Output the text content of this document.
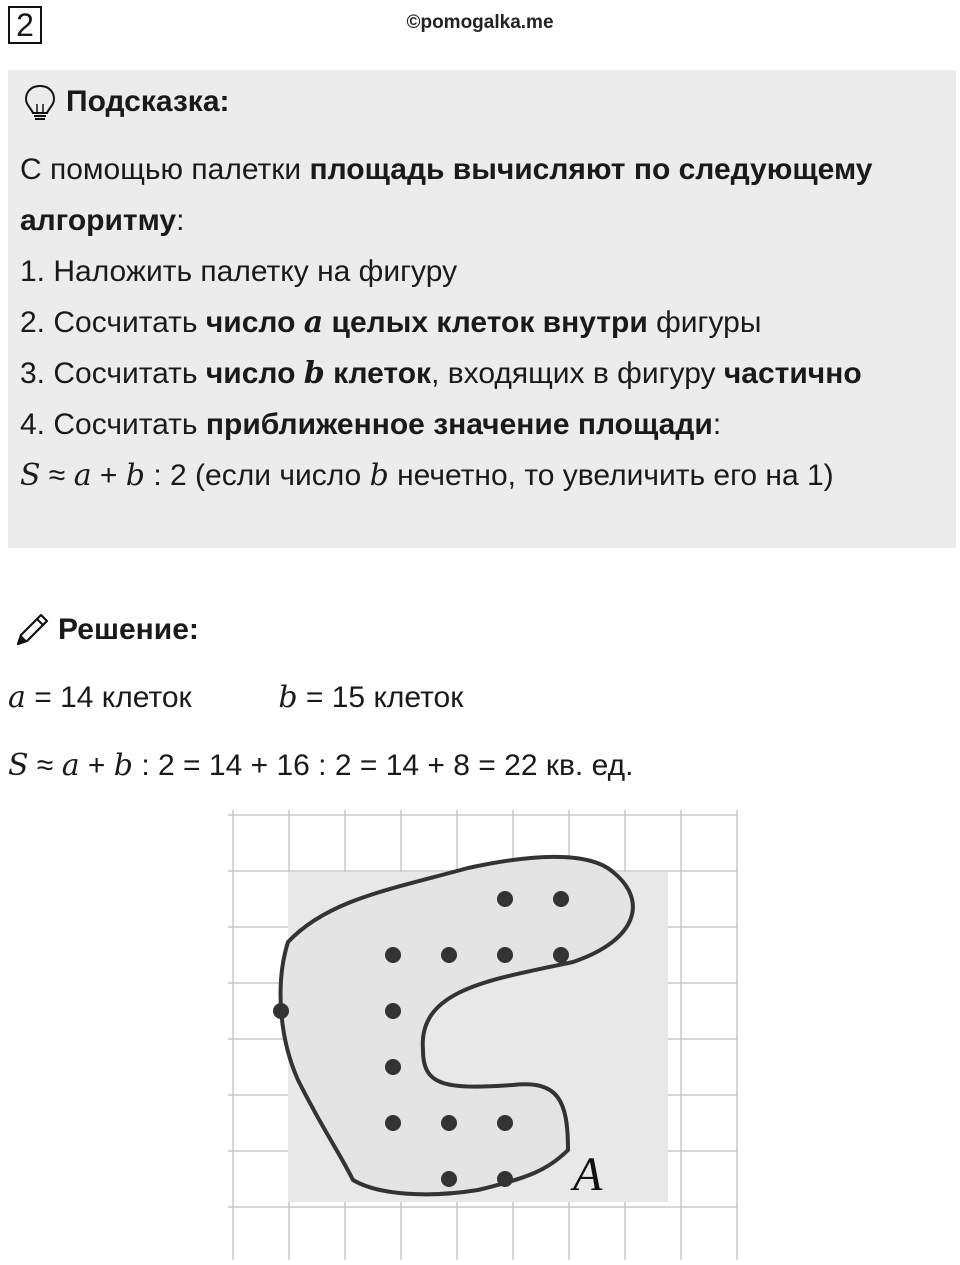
2	©pomogalka.me
Подсказка:

С помощью палетки площадь вычисляют по следующему алгоритму:

1. Наложить палетку на фигуру

2. Сосчитать число a целых клеток внутри фигуры

3. Сосчитать число b клеток, входящих в фигуру частично

4. Сосчитать приближенное значение площади:

S ≈ a + b : 2 (если число b нечетно, то увеличить его на 1)

Решение:
a = 14 клеток	b = 15 клеток
S ≈ a + b : 2 = 14 + 16 : 2 = 14 + 8 = 22 кв. ед.
A
